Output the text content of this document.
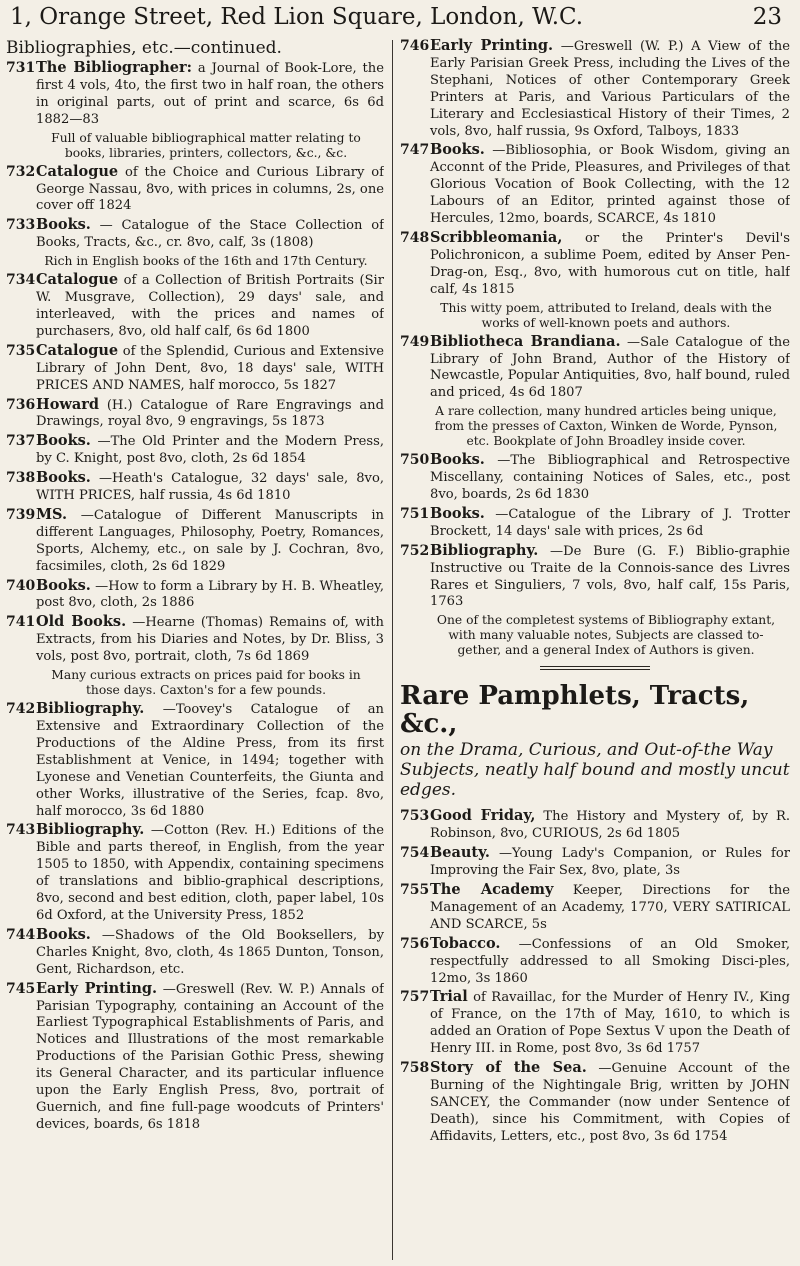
1, Orange Street, Red Lion Square, London, W.C.	23
Bibliographies, etc.—continued.
731 The Bibliographer: a Journal of Book-Lore, the first 4 vols, 4to, the first two in half roan, the others in original parts, out of print and scarce, 6s 6d 1882—83
Full of valuable bibliographical matter relating to books, libraries, printers, collectors, &c., &c.
732 Catalogue of the Choice and Curious Library of George Nassau, 8vo, with prices in columns, 2s, one cover off 1824
733 Books. — Catalogue of the Stace Collection of Books, Tracts, &c., cr. 8vo, calf, 3s (1808)
Rich in English books of the 16th and 17th Century.
734 Catalogue of a Collection of British Portraits (Sir W. Musgrave, Collection), 29 days' sale, and interleaved, with the prices and names of purchasers, 8vo, old half calf, 6s 6d 1800
735 Catalogue of the Splendid, Curious and Extensive Library of John Dent, 8vo, 18 days' sale, WITH PRICES AND NAMES, half morocco, 5s 1827
736 Howard (H.) Catalogue of Rare Engravings and Drawings, royal 8vo, 9 engravings, 5s 1873
737 Books. —The Old Printer and the Modern Press, by C. Knight, post 8vo, cloth, 2s 6d 1854
738 Books. —Heath's Catalogue, 32 days' sale, 8vo, WITH PRICES, half russia, 4s 6d 1810
739 MS. —Catalogue of Different Manuscripts in different Languages, Philosophy, Poetry, Romances, Sports, Alchemy, etc., on sale by J. Cochran, 8vo, facsimiles, cloth, 2s 6d 1829
740 Books. —How to form a Library by H. B. Wheatley, post 8vo, cloth, 2s 1886
741 Old Books. —Hearne (Thomas) Remains of, with Extracts, from his Diaries and Notes, by Dr. Bliss, 3 vols, post 8vo, portrait, cloth, 7s 6d 1869
Many curious extracts on prices paid for books in those days. Caxton's for a few pounds.
742 Bibliography. —Toovey's Catalogue of an Extensive and Extraordinary Collection of the Productions of the Aldine Press, from its first Establishment at Venice, in 1494; together with Lyonese and Venetian Counterfeits, the Giunta and other Works, illustrative of the Series, fcap. 8vo, half morocco, 3s 6d 1880
743 Bibliography. —Cotton (Rev. H.) Editions of the Bible and parts thereof, in English, from the year 1505 to 1850, with Appendix, containing specimens of translations and biblio-graphical descriptions, 8vo, second and best edition, cloth, paper label, 10s 6d Oxford, at the University Press, 1852
744 Books. —Shadows of the Old Booksellers, by Charles Knight, 8vo, cloth, 4s 1865 Dunton, Tonson, Gent, Richardson, etc.
745 Early Printing. —Greswell (Rev. W. P.) Annals of Parisian Typography, containing an Account of the Earliest Typographical Establishments of Paris, and Notices and Illustrations of the most remarkable Productions of the Parisian Gothic Press, shewing its General Character, and its particular influence upon the Early English Press, 8vo, portrait of Guernich, and fine full-page woodcuts of Printers' devices, boards, 6s 1818
746 Early Printing. —Greswell (W. P.) A View of the Early Parisian Greek Press, including the Lives of the Stephani, Notices of other Contemporary Greek Printers at Paris, and Various Particulars of the Literary and Ecclesiastical History of their Times, 2 vols, 8vo, half russia, 9s Oxford, Talboys, 1833
747 Books. —Bibliosophia, or Book Wisdom, giving an Acconnt of the Pride, Pleasures, and Privileges of that Glorious Vocation of Book Collecting, with the 12 Labours of an Editor, printed against those of Hercules, 12mo, boards, SCARCE, 4s 1810
748 Scribbleomania, or the Printer's Devil's Polichronicon, a sublime Poem, edited by Anser Pen-Drag-on, Esq., 8vo, with humorous cut on title, half calf, 4s 1815
This witty poem, attributed to Ireland, deals with the works of well-known poets and authors.
749 Bibliotheca Brandiana. —Sale Catalogue of the Library of John Brand, Author of the History of Newcastle, Popular Antiquities, 8vo, half bound, ruled and priced, 4s 6d 1807
A rare collection, many hundred articles being unique, from the presses of Caxton, Winken de Worde, Pynson, etc. Bookplate of John Broadley inside cover.
750 Books. —The Bibliographical and Retrospective Miscellany, containing Notices of Sales, etc., post 8vo, boards, 2s 6d 1830
751 Books. —Catalogue of the Library of J. Trotter Brockett, 14 days' sale with prices, 2s 6d
752 Bibliography. —De Bure (G. F.) Biblio-graphie Instructive ou Traite de la Connois-sance des Livres Rares et Singuliers, 7 vols, 8vo, half calf, 15s Paris, 1763
One of the completest systems of Bibliography extant, with many valuable notes, Subjects are classed to-gether, and a general Index of Authors is given.
Rare Pamphlets, Tracts, &c.,
on the Drama, Curious, and Out-of-the Way Subjects, neatly half bound and mostly uncut edges.
753 Good Friday, The History and Mystery of, by R. Robinson, 8vo, CURIOUS, 2s 6d 1805
754 Beauty. —Young Lady's Companion, or Rules for Improving the Fair Sex, 8vo, plate, 3s
755 The Academy Keeper, Directions for the Management of an Academy, 1770, VERY SATIRICAL AND SCARCE, 5s
756 Tobacco. —Confessions of an Old Smoker, respectfully addressed to all Smoking Disci-ples, 12mo, 3s 1860
757 Trial of Ravaillac, for the Murder of Henry IV., King of France, on the 17th of May, 1610, to which is added an Oration of Pope Sextus V upon the Death of Henry III. in Rome, post 8vo, 3s 6d 1757
758 Story of the Sea. —Genuine Account of the Burning of the Nightingale Brig, written by JOHN SANCEY, the Commander (now under Sentence of Death), since his Commitment, with Copies of Affidavits, Letters, etc., post 8vo, 3s 6d 1754
